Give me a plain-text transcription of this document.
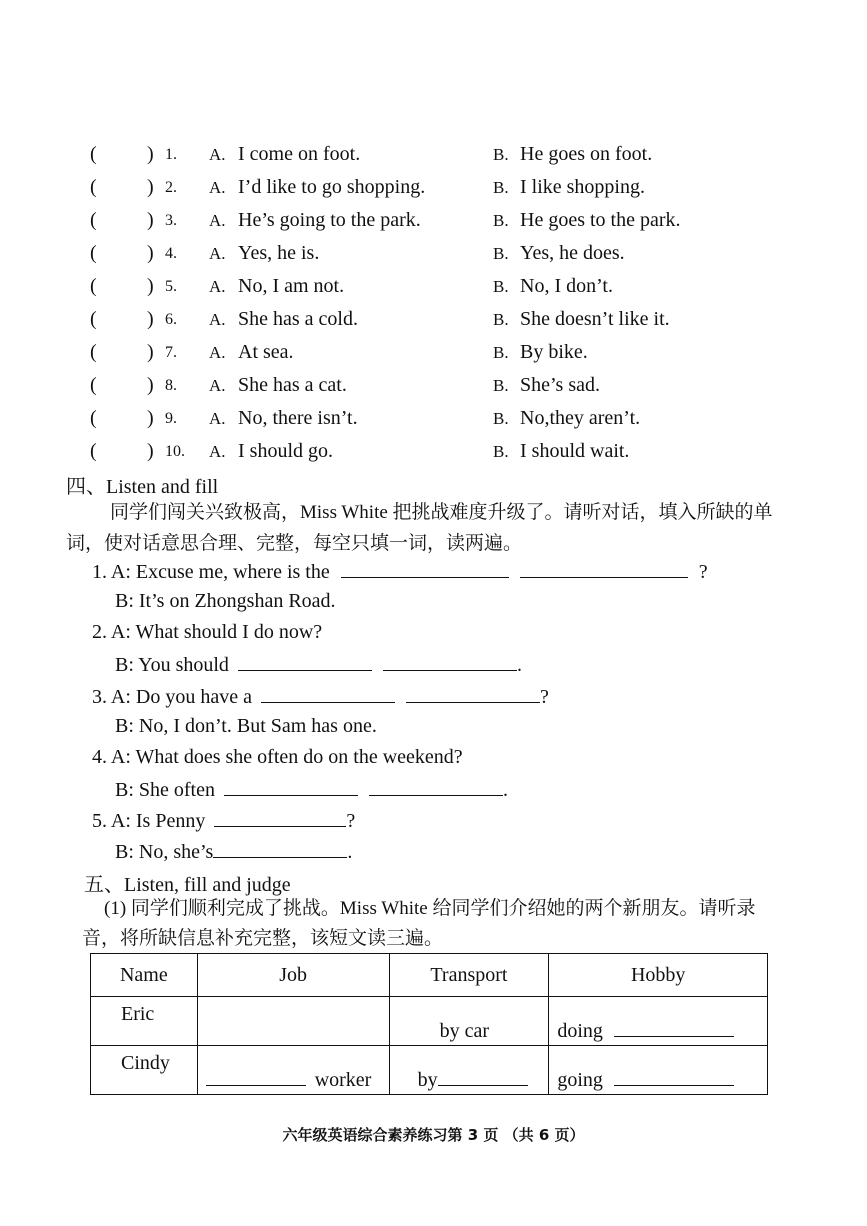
(	) 1. A. I come on foot.	B. He goes on foot.
(	) 2. A. I’d like to go shopping.	B. I like shopping.
(	) 3. A. He’s going to the park.	B. He goes to the park.
(	) 4. A. Yes, he is.	B. Yes, he does.
(	) 5. A. No, I am not.	B. No, I don’t.
(	) 6. A. She has a cold.	B. She doesn’t like it.
(	) 7. A. At sea.	B. By bike.
(	) 8. A. She has a cat.	B. She’s sad.
(	) 9. A. No, there isn’t.	B. No,they aren’t.
(	) 10. A. I should go.	B. I should wait.
四、Listen and fill
同学们闯关兴致极高，Miss White 把挑战难度升级了。请听对话，填入所缺的单
词，使对话意思合理、完整，每空只填一词，读两遍。
1. A: Excuse me, where is the	?
B: It’s on Zhongshan Road.
2. A: What should I do now?
B: You should	.
3. A: Do you have a	?
B: No, I don’t. But Sam has one.
4. A: What does she often do on the weekend?
B: She often	.
5. A: Is Penny	?
B: No, she’s	.
五、Listen, fill and judge
(1) 同学们顺利完成了挑战。Miss White 给同学们介绍她的两个新朋友。请听录
音，将所缺信息补充完整，该短文读三遍。
Name	Job	Transport	Hobby
Eric		by car	doing
Cindy	worker	by	going
六年级英语综合素养练习第 3 页 （共 6 页）
